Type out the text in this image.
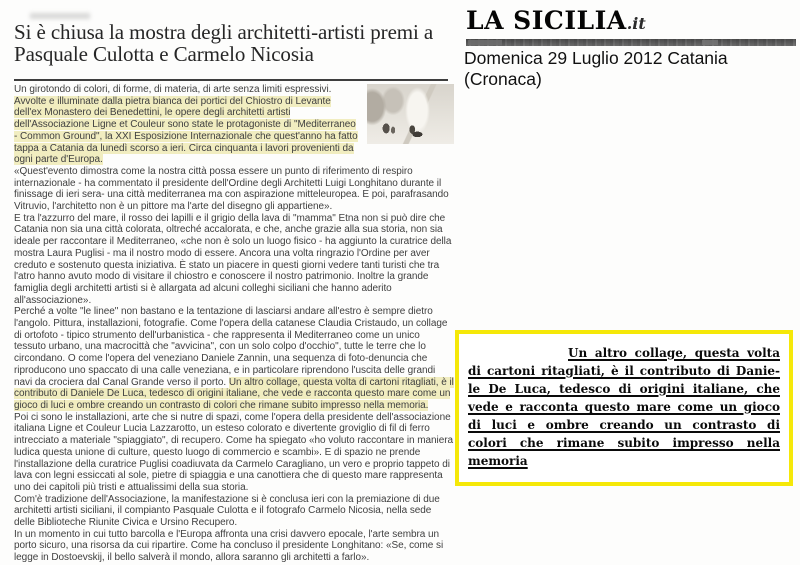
Si è chiusa la mostra degli architetti-artisti premi a Pasquale Culotta e Carmelo Nicosia
Un girotondo di colori, di forme, di materia, di arte senza limiti espressivi. Avvolte e illuminate dalla pietra bianca dei portici del Chiostro di Levante dell'ex Monastero dei Benedettini, le opere degli architetti artisti dell'Associazione Ligne et Couleur sono state le protagoniste di "Mediterraneo - Common Ground", la XXI Esposizione Internazionale che quest'anno ha fatto tappa a Catania da lunedì scorso a ieri. Circa cinquanta i lavori provenienti da ogni parte d'Europa.
«Quest'evento dimostra come la nostra città possa essere un punto di riferimento di respiro internazionale - ha commentato il presidente dell'Ordine degli Architetti Luigi Longhitano durante il finissage di ieri sera- una città mediterranea ma con aspirazione mitteleuropea. E poi, parafrasando Vitruvio, l'architetto non è un pittore ma l'arte del disegno gli appartiene».
E tra l'azzurro del mare, il rosso dei lapilli e il grigio della lava di "mamma" Etna non si può dire che Catania non sia una città colorata, oltreché accalorata, e che, anche grazie alla sua storia, non sia ideale per raccontare il Mediterraneo, «che non è solo un luogo fisico - ha aggiunto la curatrice della mostra Laura Puglisi - ma il nostro modo di essere. Ancora una volta ringrazio l'Ordine per aver creduto e sostenuto questa iniziativa. È stato un piacere in questi giorni vedere tanti turisti che tra l'atro hanno avuto modo di visitare il chiostro e conoscere il nostro patrimonio. Inoltre la grande famiglia degli architetti artisti si è allargata ad alcuni colleghi siciliani che hanno aderito all'associazione».
Perché a volte "le linee" non bastano e la tentazione di lasciarsi andare all'estro è sempre dietro l'angolo. Pittura, installazioni, fotografie. Come l'opera della catanese Claudia Cristaudo, un collage di ortofoto - tipico strumento dell'urbanistica - che rappresenta il Mediterraneo come un unico tessuto urbano, una macrocittà che "avvicina", con un solo colpo d'occhio", tutte le terre che lo circondano. O come l'opera del veneziano Daniele Zannin, una sequenza di foto-denuncia che riproducono uno spaccato di una calle veneziana, e in particolare riprendono l'uscita delle grandi navi da crociera dal Canal Grande verso il porto. Un altro collage, questa volta di cartoni ritagliati, è il contributo di Daniele De Luca, tedesco di origini italiane, che vede e racconta questo mare come un gioco di luci e ombre creando un contrasto di colori che rimane subito impresso nella memoria.
Poi ci sono le installazioni, arte che si nutre di spazi, come l'opera della presidente dell'associazione italiana Ligne et Couleur Lucia Lazzarotto, un esteso colorato e divertente groviglio di fil di ferro intrecciato a materiale "spiaggiato", di recupero. Come ha spiegato «ho voluto raccontare in maniera ludica questa unione di culture, questo luogo di commercio e scambi». E di spazio ne prende l'installazione della curatrice Puglisi coadiuvata da Carmelo Caragliano, un vero e proprio tappeto di lava con legni essiccati al sole, pietre di spiaggia e una canottiera che di questo mare rappresenta uno dei capitoli più tristi e attualissimi della sua storia.
Com'è tradizione dell'Associazione, la manifestazione si è conclusa ieri con la premiazione di due architetti artisti siciliani, il compianto Pasquale Culotta e il fotografo Carmelo Nicosia, nella sede delle Biblioteche Riunite Civica e Ursino Recupero.
In un momento in cui tutto barcolla e l'Europa affronta una crisi davvero epocale, l'arte sembra un porto sicuro, una risorsa da cui ripartire. Come ha concluso il presidente Longhitano: «Se, come si legge in Dostoevskij, il bello salverà il mondo, allora saranno gli architetti a farlo».
LA SICILIA.it
Domenica 29 Luglio 2012 Catania (Cronaca)
Un altro collage, questa volta
di cartoni ritagliati, è il contributo di Danie-
le De Luca, tedesco di origini italiane, che
vede e racconta questo mare come un gioco
di luci e ombre creando un contrasto di
colori che rimane subito impresso nella
memoria
